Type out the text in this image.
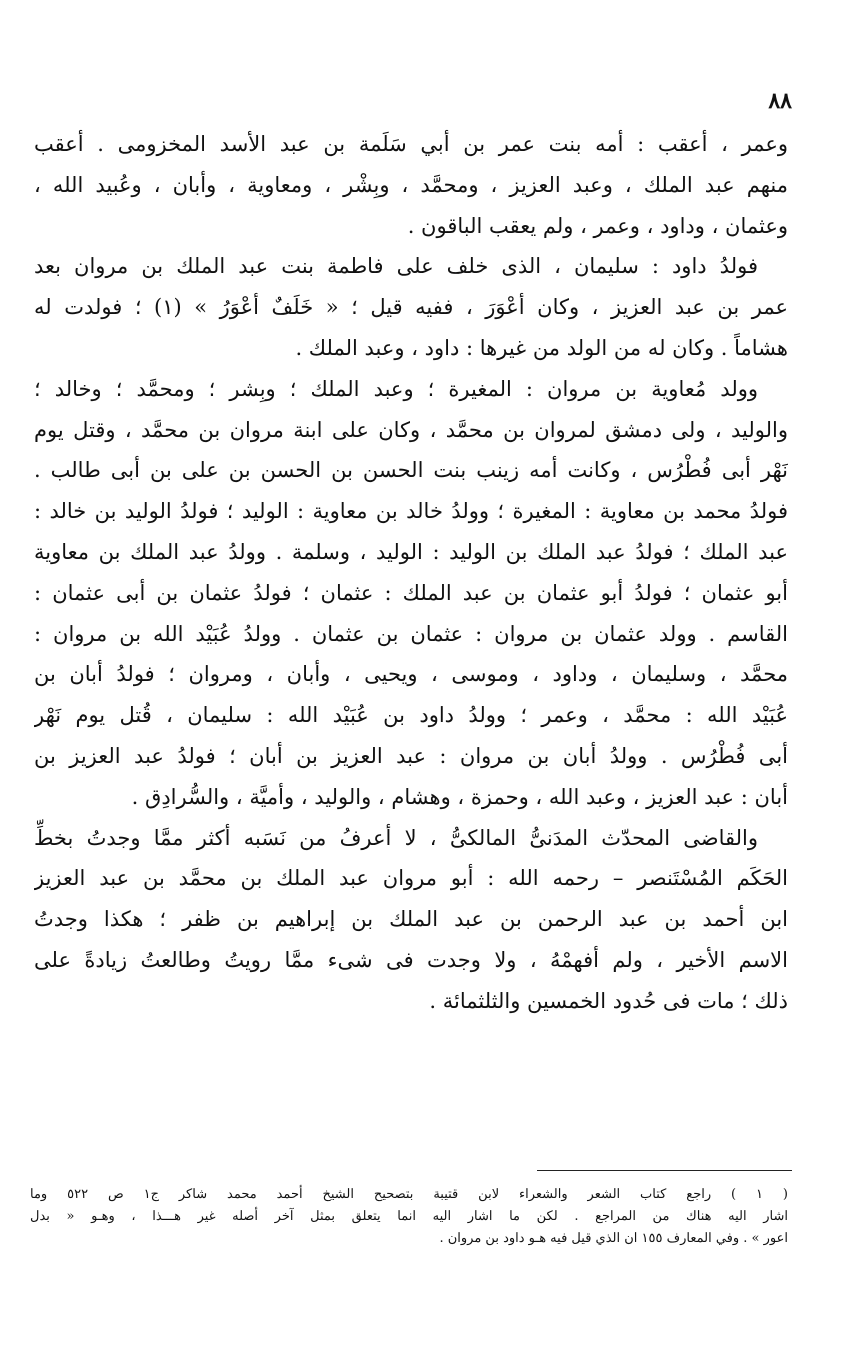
٨٨
وعمر ، أعقب : أمه بنت عمر بن أبي سَلَمة بن عبد الأسد المخزومى . أعقب
منهم عبد الملك ، وعبد العزيز ، ومحمَّد ، وبِشْر ، ومعاوية ، وأبان ، وعُبيد الله ،
وعثمان ، وداود ، وعمر ، ولم يعقب الباقون .
فولدُ داود : سليمان ، الذى خلف على فاطمة بنت عبد الملك بن مروان بعد
عمر بن عبد العزيز ، وكان أعْوَرَ ، ففيه قيل ؛ « خَلَفٌ أعْوَرُ » (١) ؛ فولدت له
هشاماً . وكان له من الولد من غيرها : داود ، وعبد الملك .
وولد مُعاوية بن مروان : المغيرة ؛ وعبد الملك ؛ وبِشر ؛ ومحمَّد ؛ وخالد ؛
والوليد ، ولى دمشق لمروان بن محمَّد ، وكان على ابنة مروان بن محمَّد ، وقتل يوم
نَهْر أبى فُطْرُس ، وكانت أمه زينب بنت الحسن بن الحسن بن على بن أبى طالب .
فولدُ محمد بن معاوية : المغيرة ؛ وولدُ خالد بن معاوية : الوليد ؛ فولدُ الوليد بن خالد :
عبد الملك ؛ فولدُ عبد الملك بن الوليد : الوليد ، وسلمة . وولدُ عبد الملك بن معاوية
أبو عثمان ؛ فولدُ أبو عثمان بن عبد الملك : عثمان ؛ فولدُ عثمان بن أبى عثمان :
القاسم . وولد عثمان بن مروان : عثمان بن عثمان . وولدُ عُبَيْد الله بن مروان :
محمَّد ، وسليمان ، وداود ، وموسى ، ويحيى ، وأبان ، ومروان ؛ فولدُ أبان بن
عُبَيْد الله : محمَّد ، وعمر ؛ وولدُ داود بن عُبَيْد الله : سليمان ، قُتل يوم نَهْر
أبى فُطْرُس . وولدُ أبان بن مروان : عبد العزيز بن أبان ؛ فولدُ عبد العزيز بن
أبان : عبد العزيز ، وعبد الله ، وحمزة ، وهشام ، والوليد ، وأميَّة ، والسُّرادِق .
والقاضى المحدّث المدَنىُّ المالكىُّ ، لا أعرفُ من نَسَبه أكثر ممَّا وجدتُ بخطِّ
الحَكَم المُسْتَنصر – رحمه الله : أبو مروان عبد الملك بن محمَّد بن عبد العزيز
ابن أحمد بن عبد الرحمن بن عبد الملك بن إبراهيم بن ظفر ؛ هكذا وجدتُ
الاسم الأخير ، ولم أفهمْهُ ، ولا وجدت فى شىء ممَّا رويتُ وطالعتُ زيادةً على
ذلك ؛ مات فى حُدود الخمسين والثلثمائة .
( ١ ) راجع كتاب الشعر والشعراء لابن قتيبة بتصحيح الشيخ أحمد محمد شاكر ج١ ص ٥٢٢ وما
اشار اليه هناك من المراجع . لكن ما اشار اليه انما يتعلق بمثل آخر أصله غير هـــذا ، وهـو « بدل
اعور » . وفي المعارف ١٥٥ ان الذي قيل فيه هـو داود بن مروان .
